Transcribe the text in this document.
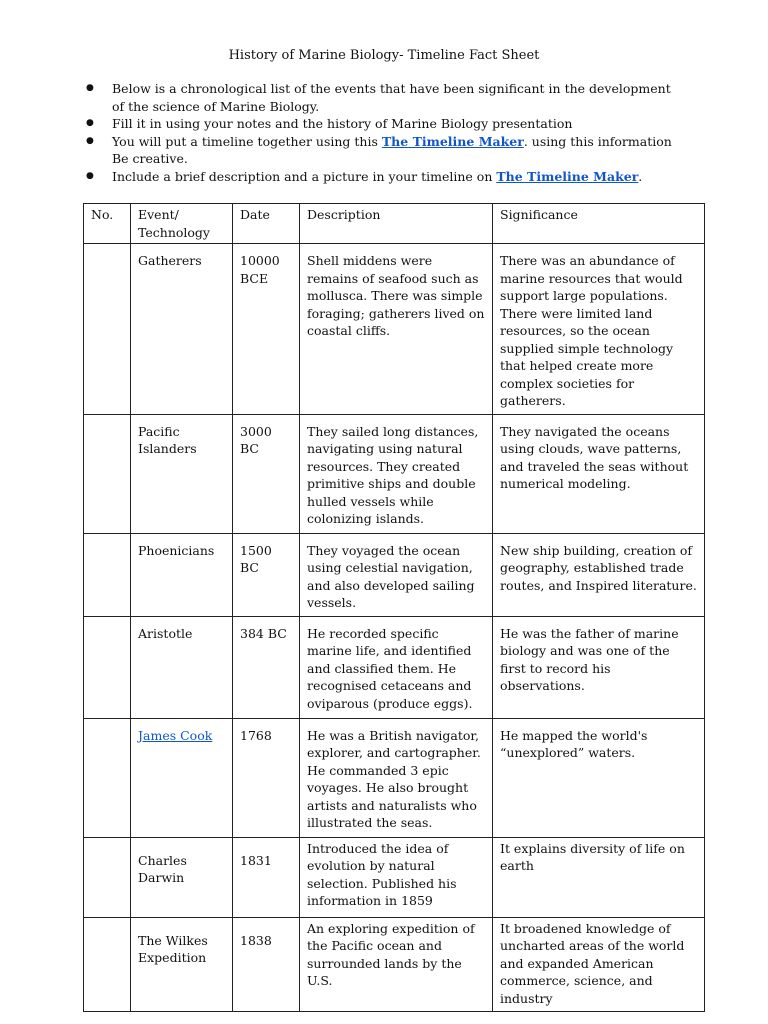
History of Marine Biology- Timeline Fact Sheet
● Below is a chronological list of the events that have been significant in the development of the science of Marine Biology.
● Fill it in using your notes and the history of Marine Biology presentation
● You will put a timeline together using this The Timeline Maker. using this information Be creative.
● Include a brief description and a picture in your timeline on The Timeline Maker.
No.	Event/ Technology	Date	Description	Significance
	Gatherers	10000 BCE	Shell middens were remains of seafood such as mollusca. There was simple foraging; gatherers lived on coastal cliffs.	There was an abundance of marine resources that would support large populations. There were limited land resources, so the ocean supplied simple technology that helped create more complex societies for gatherers.
	Pacific Islanders	3000 BC	They sailed long distances, navigating using natural resources. They created primitive ships and double hulled vessels while colonizing islands.	They navigated the oceans using clouds, wave patterns, and traveled the seas without numerical modeling.
	Phoenicians	1500 BC	They voyaged the ocean using celestial navigation, and also developed sailing vessels.	New ship building, creation of geography, established trade routes, and Inspired literature.
	Aristotle	384 BC	He recorded specific marine life, and identified and classified them. He recognised cetaceans and oviparous (produce eggs).	He was the father of marine biology and was one of the first to record his observations.
	James Cook	1768	He was a British navigator, explorer, and cartographer. He commanded 3 epic voyages. He also brought artists and naturalists who illustrated the seas.	He mapped the world's “unexplored” waters.
	Charles Darwin	1831	Introduced the idea of evolution by natural selection. Published his information in 1859	It explains diversity of life on earth
	The Wilkes Expedition	1838	An exploring expedition of the Pacific ocean and surrounded lands by the U.S.	It broadened knowledge of uncharted areas of the world and expanded American commerce, science, and industry
